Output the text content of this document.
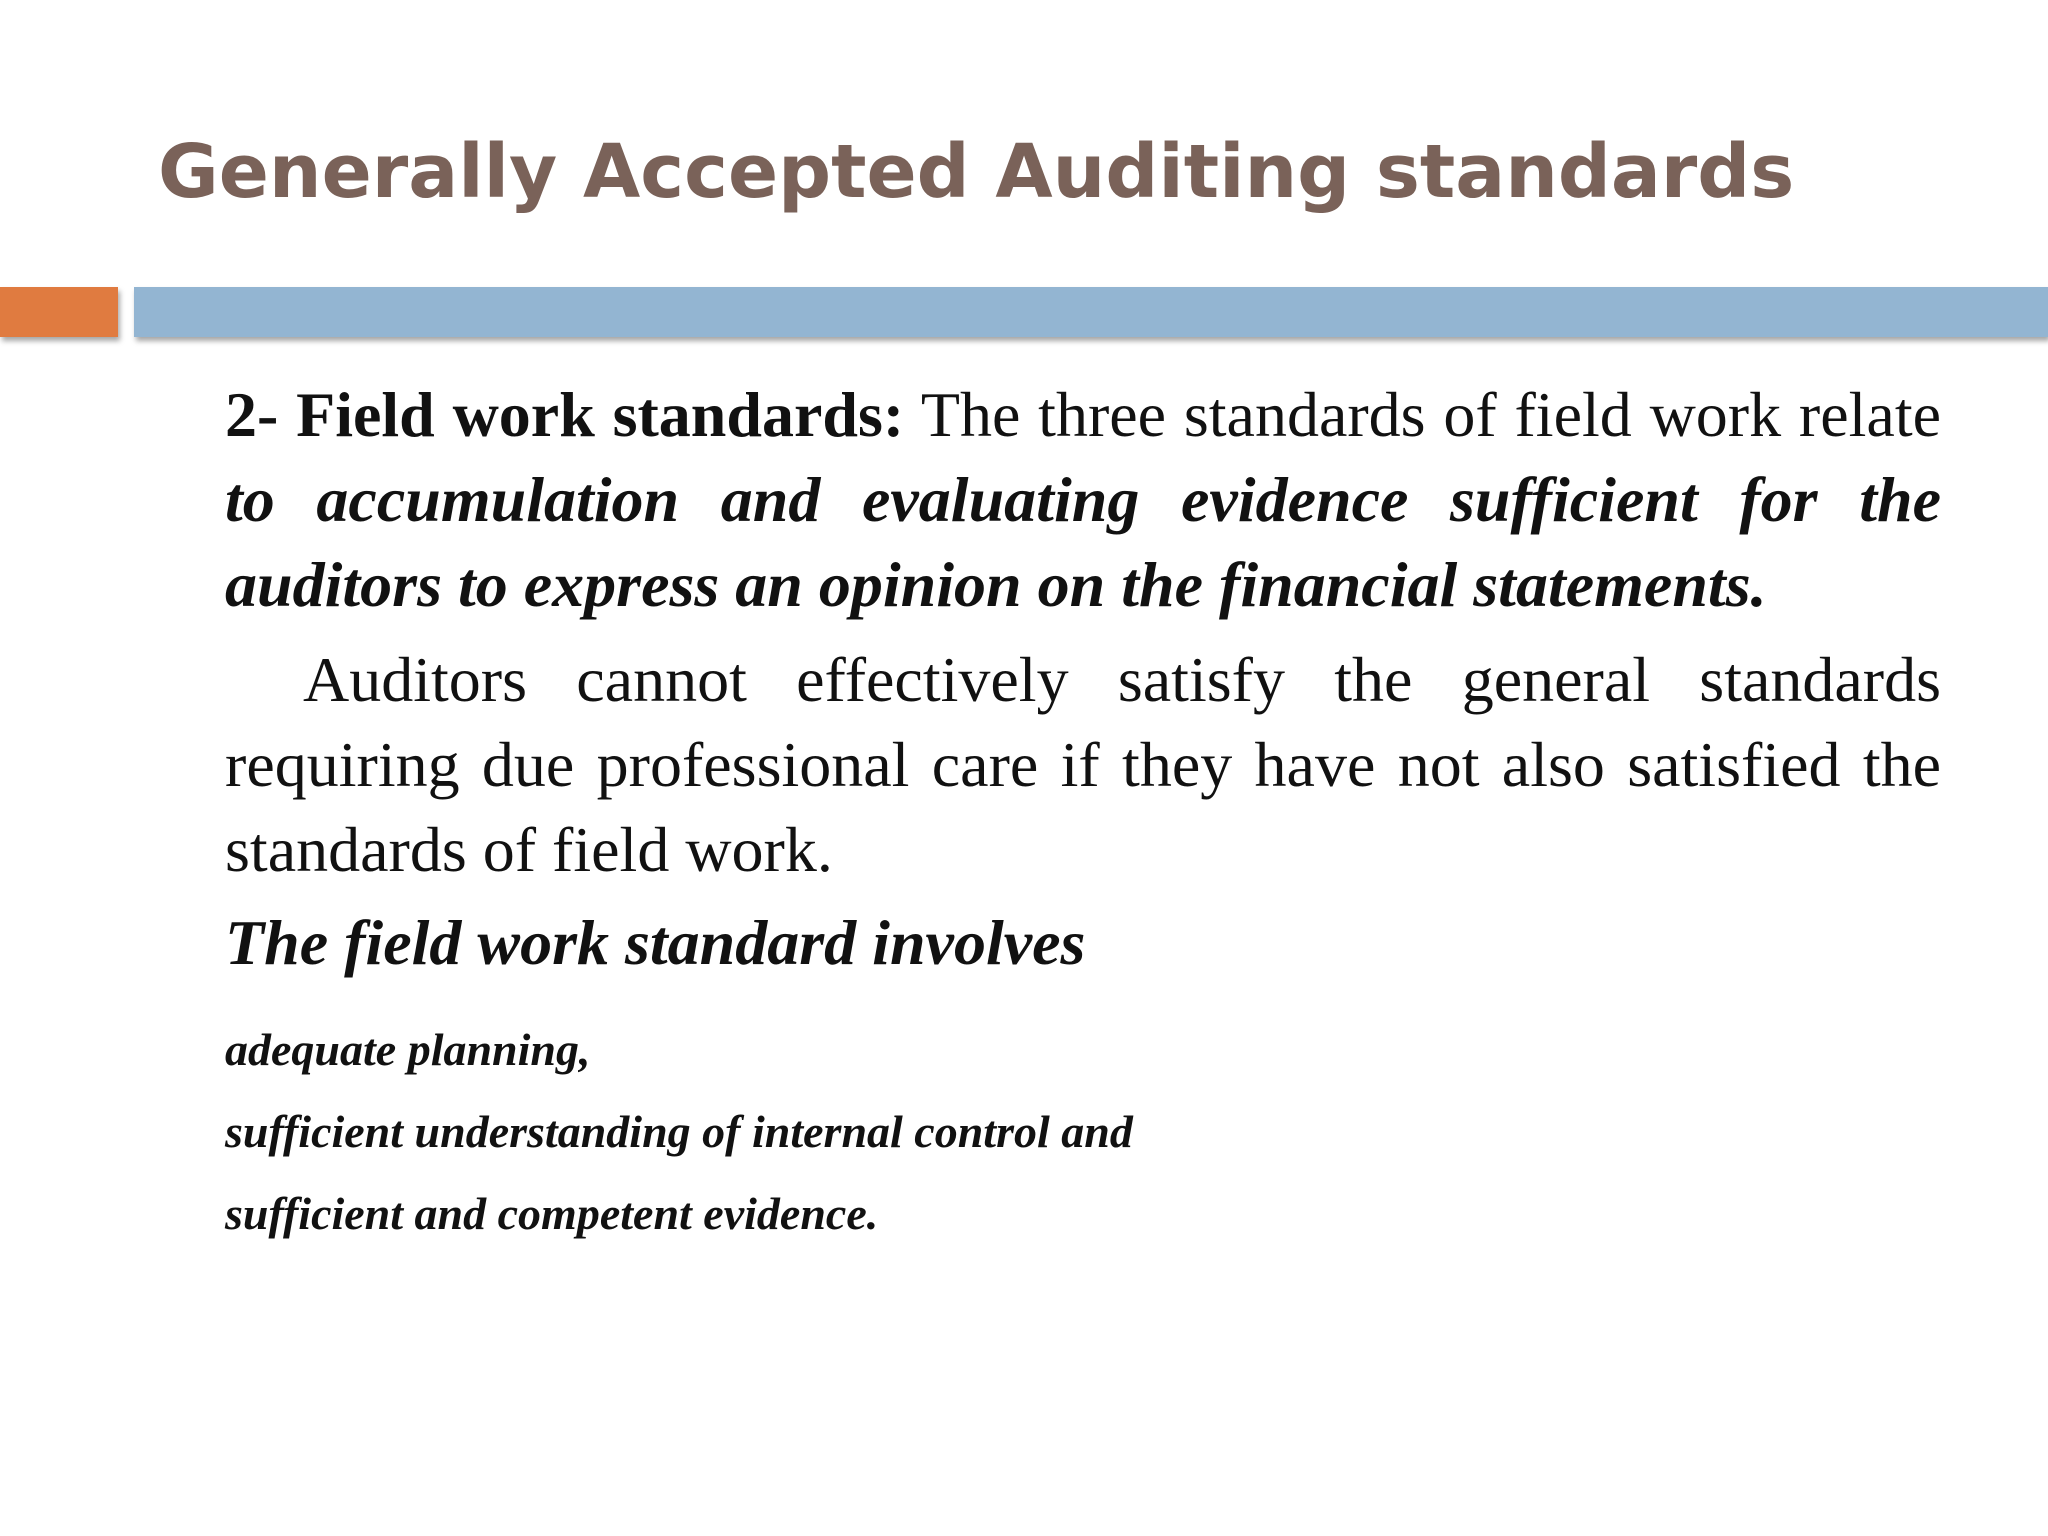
Generally Accepted Auditing standards

2- Field work standards: The three standards of field work relate to accumulation and evaluating evidence sufficient for the auditors to express an opinion on the financial statements.

Auditors cannot effectively satisfy the general standards requiring due professional care if they have not also satisfied the standards of field work.

The field work standard involves

adequate planning,
sufficient understanding of internal control and
sufficient and competent evidence.
